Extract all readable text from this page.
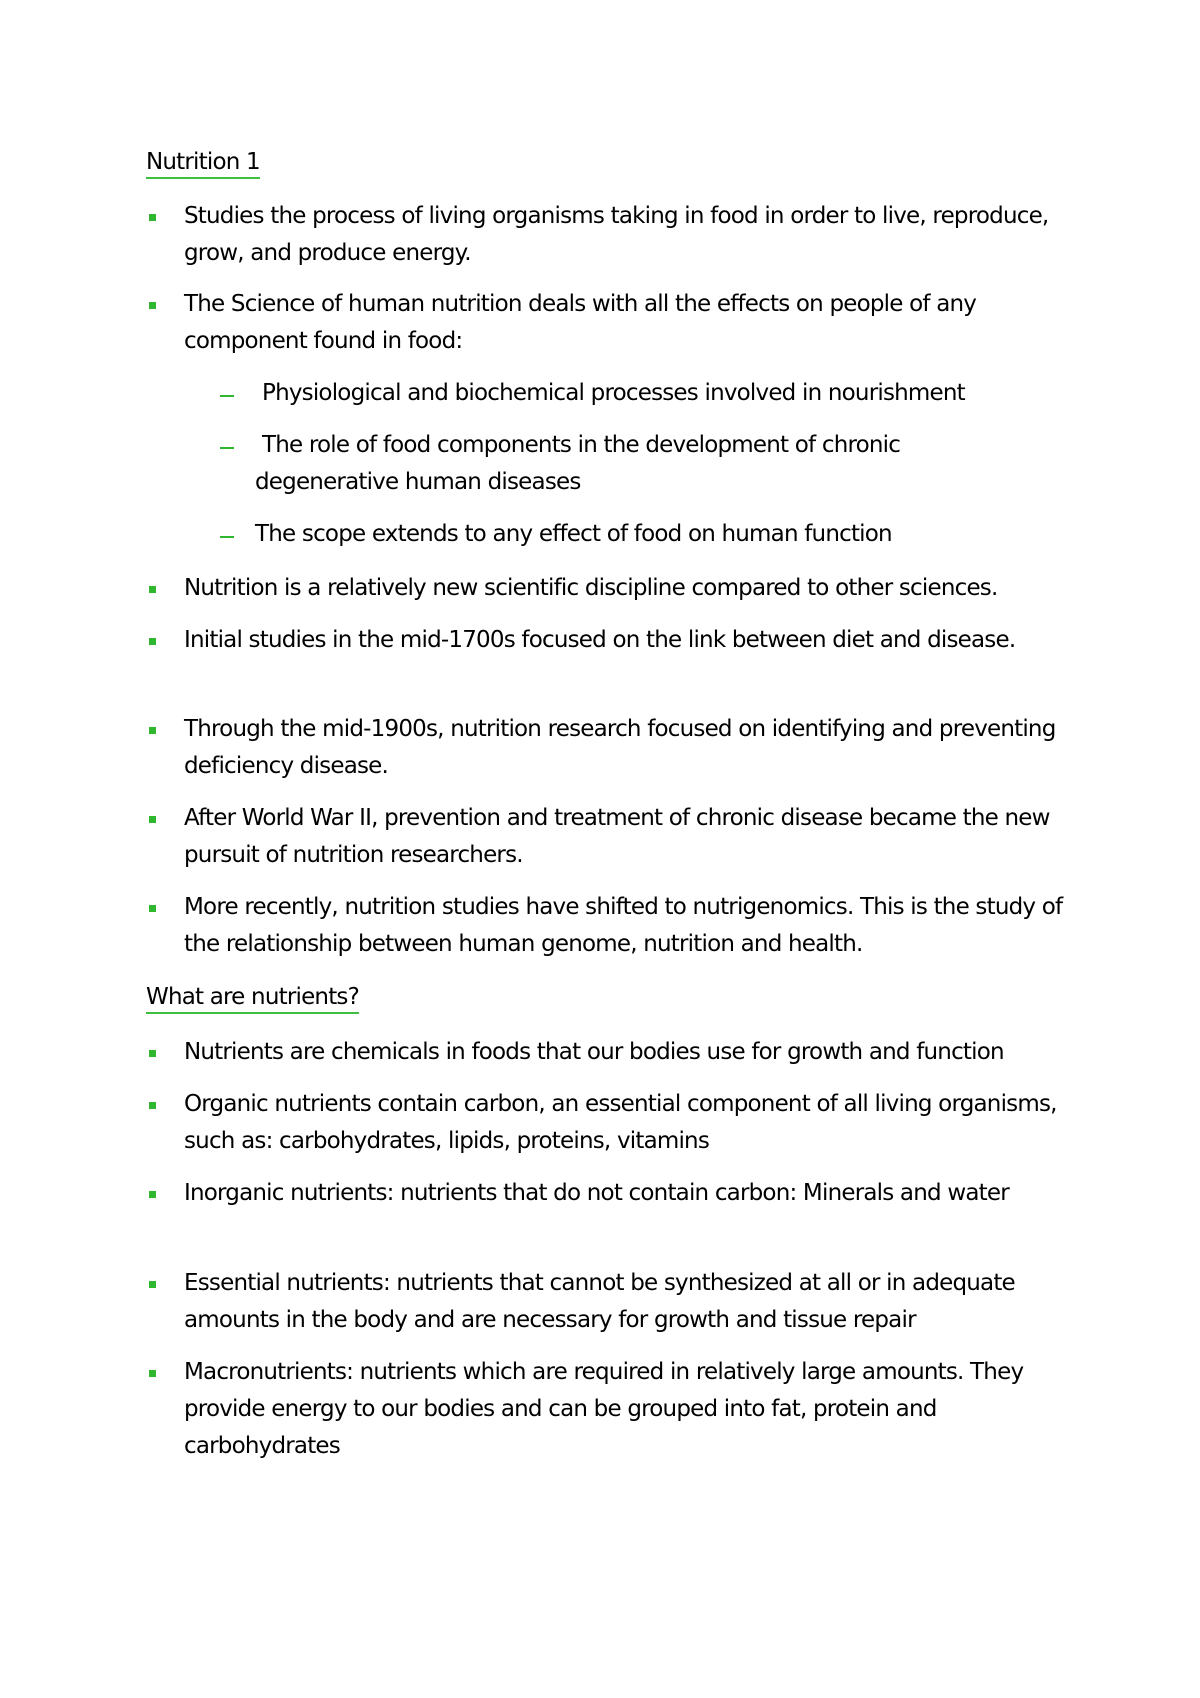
Nutrition 1
Studies the process of living organisms taking in food in order to live, reproduce, grow, and produce energy.
The Science of human nutrition deals with all the effects on people of any component found in food:
Physiological and biochemical processes involved in nourishment
The role of food components in the development of chronic degenerative human diseases
The scope extends to any effect of food on human function
Nutrition is a relatively new scientific discipline compared to other sciences.
Initial studies in the mid-1700s focused on the link between diet and disease.
Through the mid-1900s, nutrition research focused on identifying and preventing deficiency disease.
After World War II, prevention and treatment of chronic disease became the new pursuit of nutrition researchers.
More recently, nutrition studies have shifted to nutrigenomics. This is the study of the relationship between human genome, nutrition and health.
What are nutrients?
Nutrients are chemicals in foods that our bodies use for growth and function
Organic nutrients contain carbon, an essential component of all living organisms, such as: carbohydrates, lipids, proteins, vitamins
Inorganic nutrients: nutrients that do not contain carbon: Minerals and water
Essential nutrients: nutrients that cannot be synthesized at all or in adequate amounts in the body and are necessary for growth and tissue repair
Macronutrients: nutrients which are required in relatively large amounts. They provide energy to our bodies and can be grouped into fat, protein and carbohydrates
